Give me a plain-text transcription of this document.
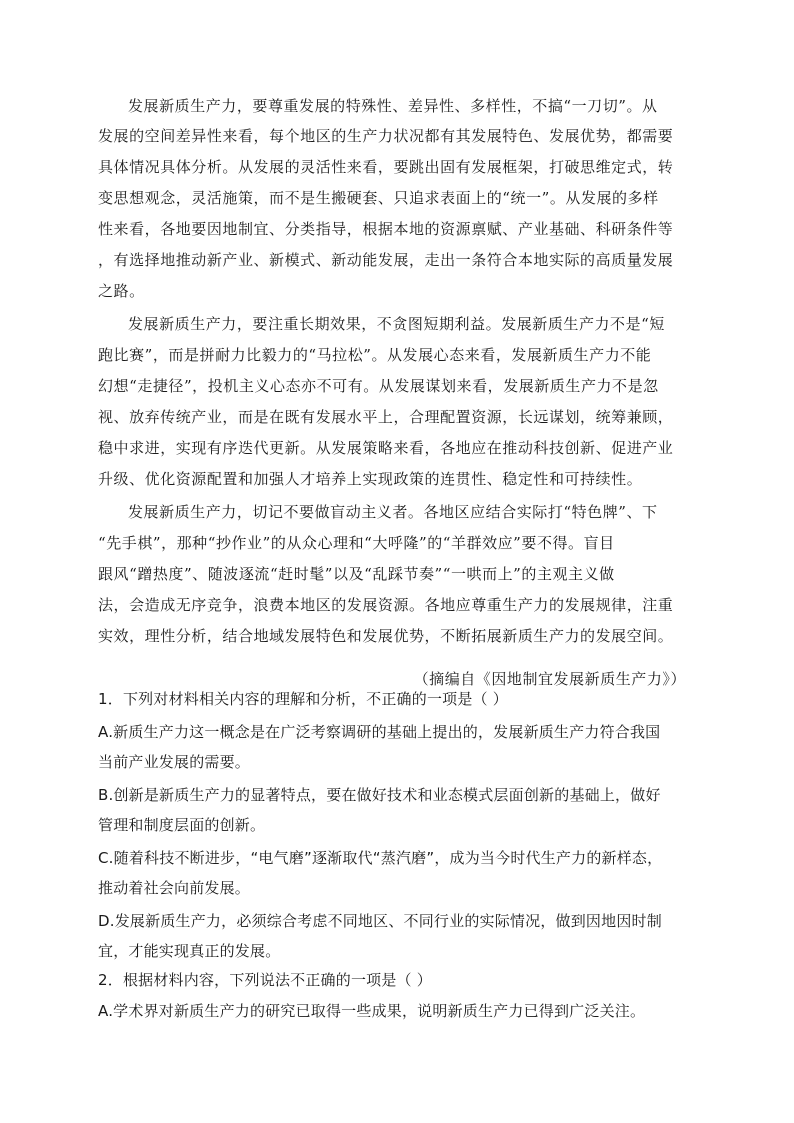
发展新质生产力，要尊重发展的特殊性、差异性、多样性，不搞“一刀切”。从

发展的空间差异性来看，每个地区的生产力状况都有其发展特色、发展优势，都需要

具体情况具体分析。从发展的灵活性来看，要跳出固有发展框架，打破思维定式，转

变思想观念，灵活施策，而不是生搬硬套、只追求表面上的“统一”。从发展的多样

性来看，各地要因地制宜、分类指导，根据本地的资源禀赋、产业基础、科研条件等

，有选择地推动新产业、新模式、新动能发展，走出一条符合本地实际的高质量发展

之路。

发展新质生产力，要注重长期效果，不贪图短期利益。发展新质生产力不是“短

跑比赛”，而是拼耐力比毅力的“马拉松”。从发展心态来看，发展新质生产力不能

幻想“走捷径”，投机主义心态亦不可有。从发展谋划来看，发展新质生产力不是忽

视、放弃传统产业，而是在既有发展水平上，合理配置资源，长远谋划，统筹兼顾，

稳中求进，实现有序迭代更新。从发展策略来看，各地应在推动科技创新、促进产业

升级、优化资源配置和加强人才培养上实现政策的连贯性、稳定性和可持续性。

发展新质生产力，切记不要做盲动主义者。各地区应结合实际打“特色牌”、下

“先手棋”，那种“抄作业”的从众心理和“大呼隆”的“羊群效应”要不得。盲目

跟风“蹭热度”、随波逐流“赶时髦”以及“乱踩节奏”“一哄而上”的主观主义做

法，会造成无序竞争，浪费本地区的发展资源。各地应尊重生产力的发展规律，注重

实效，理性分析，结合地域发展特色和发展优势，不断拓展新质生产力的发展空间。

（摘编自《因地制宜发展新质生产力》）

1．下列对材料相关内容的理解和分析，不正确的一项是（ ）

A.新质生产力这一概念是在广泛考察调研的基础上提出的，发展新质生产力符合我国

当前产业发展的需要。

B.创新是新质生产力的显著特点，要在做好技术和业态模式层面创新的基础上，做好

管理和制度层面的创新。

C.随着科技不断进步，“电气磨”逐渐取代“蒸汽磨”，成为当今时代生产力的新样态，

推动着社会向前发展。

D.发展新质生产力，必须综合考虑不同地区、不同行业的实际情况，做到因地因时制

宜，才能实现真正的发展。

2．根据材料内容，下列说法不正确的一项是（ ）

A.学术界对新质生产力的研究已取得一些成果，说明新质生产力已得到广泛关注。
